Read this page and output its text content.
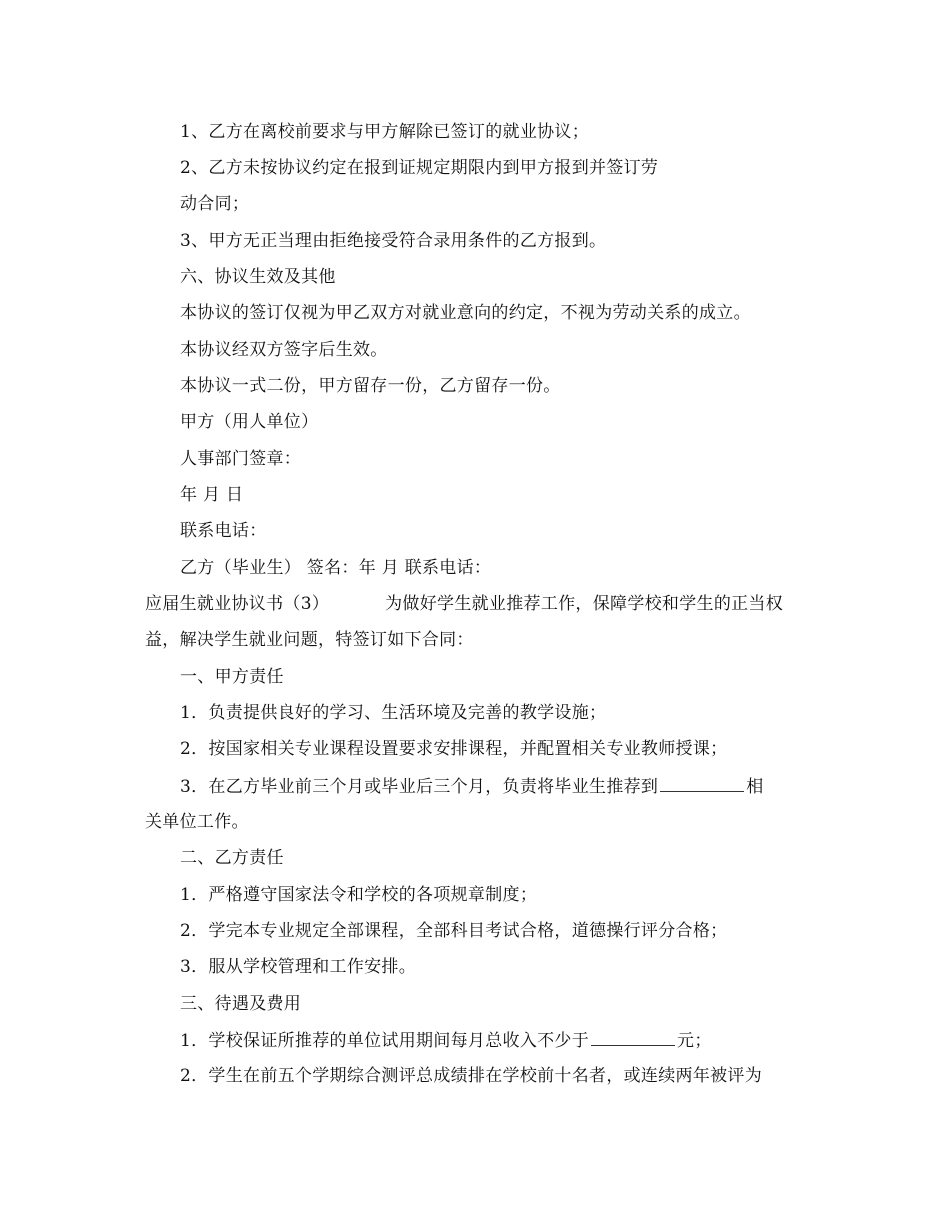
1、乙方在离校前要求与甲方解除已签订的就业协议；
2、乙方未按协议约定在报到证规定期限内到甲方报到并签订劳
动合同；
3、甲方无正当理由拒绝接受符合录用条件的乙方报到。
六、协议生效及其他
本协议的签订仅视为甲乙双方对就业意向的约定，不视为劳动关系的成立。
本协议经双方签字后生效。
本协议一式二份，甲方留存一份，乙方留存一份。
甲方（用人单位）
人事部门签章：
年 月 日
联系电话：
乙方（毕业生） 签名：年 月 联系电话：
应届生就业协议书（3）	为做好学生就业推荐工作，保障学校和学生的正当权
益，解决学生就业问题，特签订如下合同：
一、甲方责任
1．负责提供良好的学习、生活环境及完善的教学设施；
2．按国家相关专业课程设置要求安排课程，并配置相关专业教师授课；
3．在乙方毕业前三个月或毕业后三个月，负责将毕业生推荐到	相
关单位工作。
二、乙方责任
1．严格遵守国家法令和学校的各项规章制度；
2．学完本专业规定全部课程，全部科目考试合格，道德操行评分合格；
3．服从学校管理和工作安排。
三、待遇及费用
1．学校保证所推荐的单位试用期间每月总收入不少于	元；
2．学生在前五个学期综合测评总成绩排在学校前十名者，或连续两年被评为
